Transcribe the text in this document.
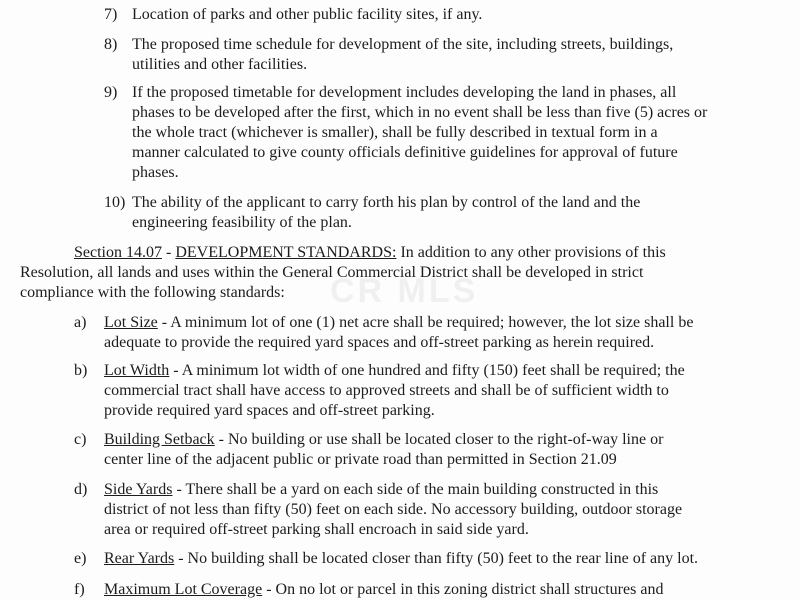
CR MLS
7) Location of parks and other public facility sites, if any.
8) The proposed time schedule for development of the site, including streets, buildings,
utilities and other facilities.
9) If the proposed timetable for development includes developing the land in phases, all
phases to be developed after the first, which in no event shall be less than five (5) acres or
the whole tract (whichever is smaller), shall be fully described in textual form in a
manner calculated to give county officials definitive guidelines for approval of future
phases.
10) The ability of the applicant to carry forth his plan by control of the land and the
engineering feasibility of the plan.
Section 14.07 - DEVELOPMENT STANDARDS: In addition to any other provisions of this
Resolution, all lands and uses within the General Commercial District shall be developed in strict
compliance with the following standards:
a) Lot Size - A minimum lot of one (1) net acre shall be required; however, the lot size shall be
adequate to provide the required yard spaces and off-street parking as herein required.
b) Lot Width - A minimum lot width of one hundred and fifty (150) feet shall be required; the
commercial tract shall have access to approved streets and shall be of sufficient width to
provide required yard spaces and off-street parking.
c) Building Setback - No building or use shall be located closer to the right-of-way line or
center line of the adjacent public or private road than permitted in Section 21.09
d) Side Yards - There shall be a yard on each side of the main building constructed in this
district of not less than fifty (50) feet on each side. No accessory building, outdoor storage
area or required off-street parking shall encroach in said side yard.
e) Rear Yards - No building shall be located closer than fifty (50) feet to the rear line of any lot.
f) Maximum Lot Coverage - On no lot or parcel in this zoning district shall structures and
